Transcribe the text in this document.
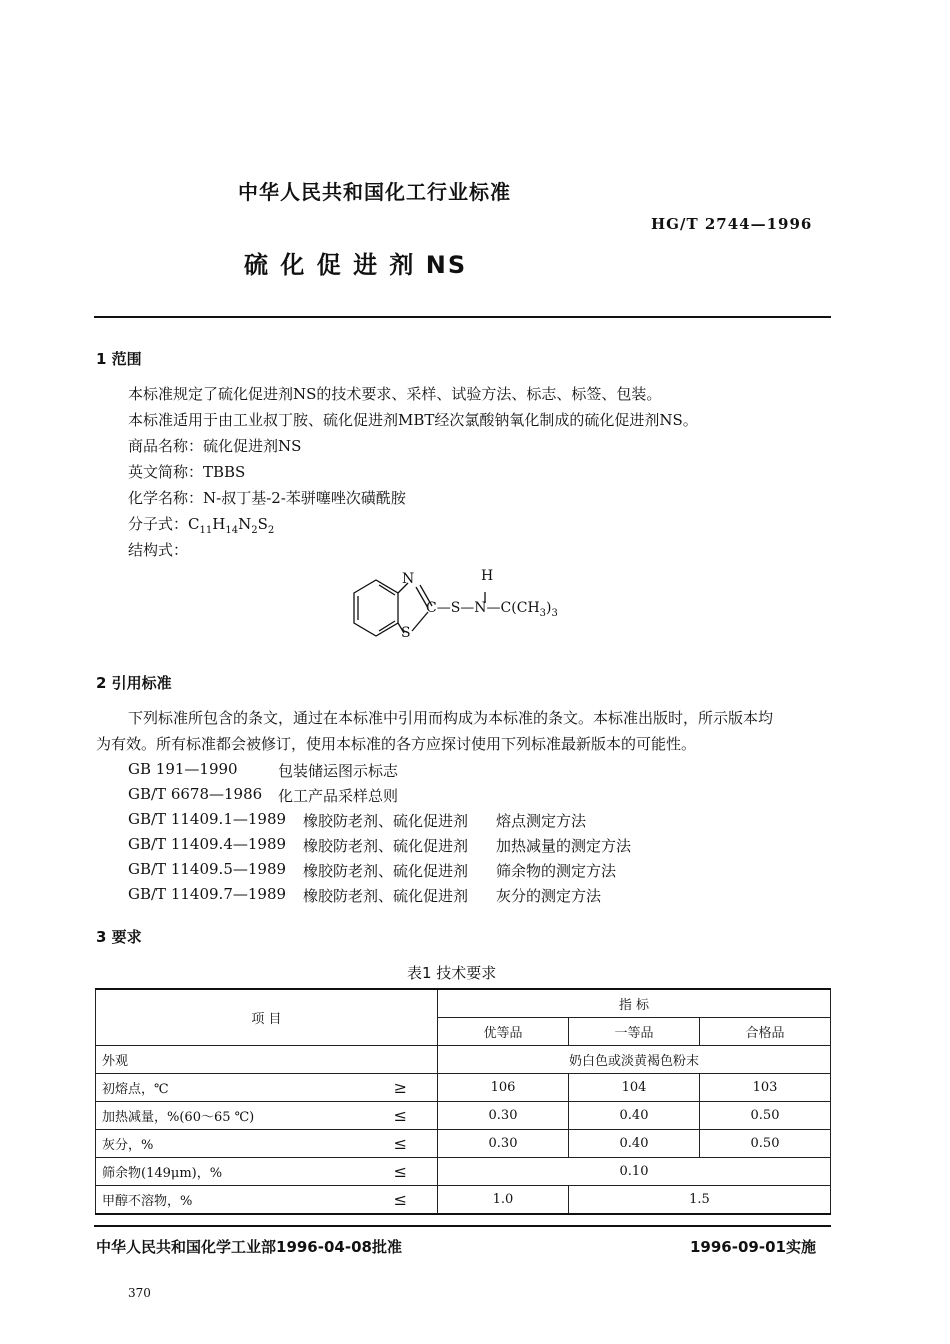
中华人民共和国化工行业标准
HG/T 2744—1996
硫 化 促 进 剂 NS
1 范围
本标准规定了硫化促进剂NS的技术要求、采样、试验方法、标志、标签、包装。
本标准适用于由工业叔丁胺、硫化促进剂MBT经次氯酸钠氧化制成的硫化促进剂NS。
商品名称：硫化促进剂NS
英文简称：TBBS
化学名称：N-叔丁基-2-苯骈噻唑次磺酰胺
分子式：$C_{11}H_{14}N_2S_2$
结构式：
N
S
H
$C—S—N—C(CH_3)_3$
2 引用标准
下列标准所包含的条文，通过在本标准中引用而构成为本标准的条文。本标准出版时，所示版本均
为有效。所有标准都会被修订，使用本标准的各方应探讨使用下列标准最新版本的可能性。
GB 191—1990	包装储运图示标志
GB/T 6678—1986 化工产品采样总则
GB/T 11409.1—1989 橡胶防老剂、硫化促进剂 熔点测定方法
GB/T 11409.4—1989 橡胶防老剂、硫化促进剂 加热减量的测定方法
GB/T 11409.5—1989 橡胶防老剂、硫化促进剂 筛余物的测定方法
GB/T 11409.7—1989 橡胶防老剂、硫化促进剂 灰分的测定方法
3 要求
表1 技术要求
项 目		指 标		
		优等品	一等品	合格品
外观		奶白色或淡黄褐色粉末		
初熔点，℃	≥	106	104	103
加热减量，%(60～65 ℃)	≤	0.30	0.40	0.50
灰分，%	≤	0.30	0.40	0.50
筛余物(149μm)，%	≤	0.10		
甲醇不溶物，%	≤	1.0	1.5	
中华人民共和国化学工业部1996-04-08批准	1996-09-01实施
370
